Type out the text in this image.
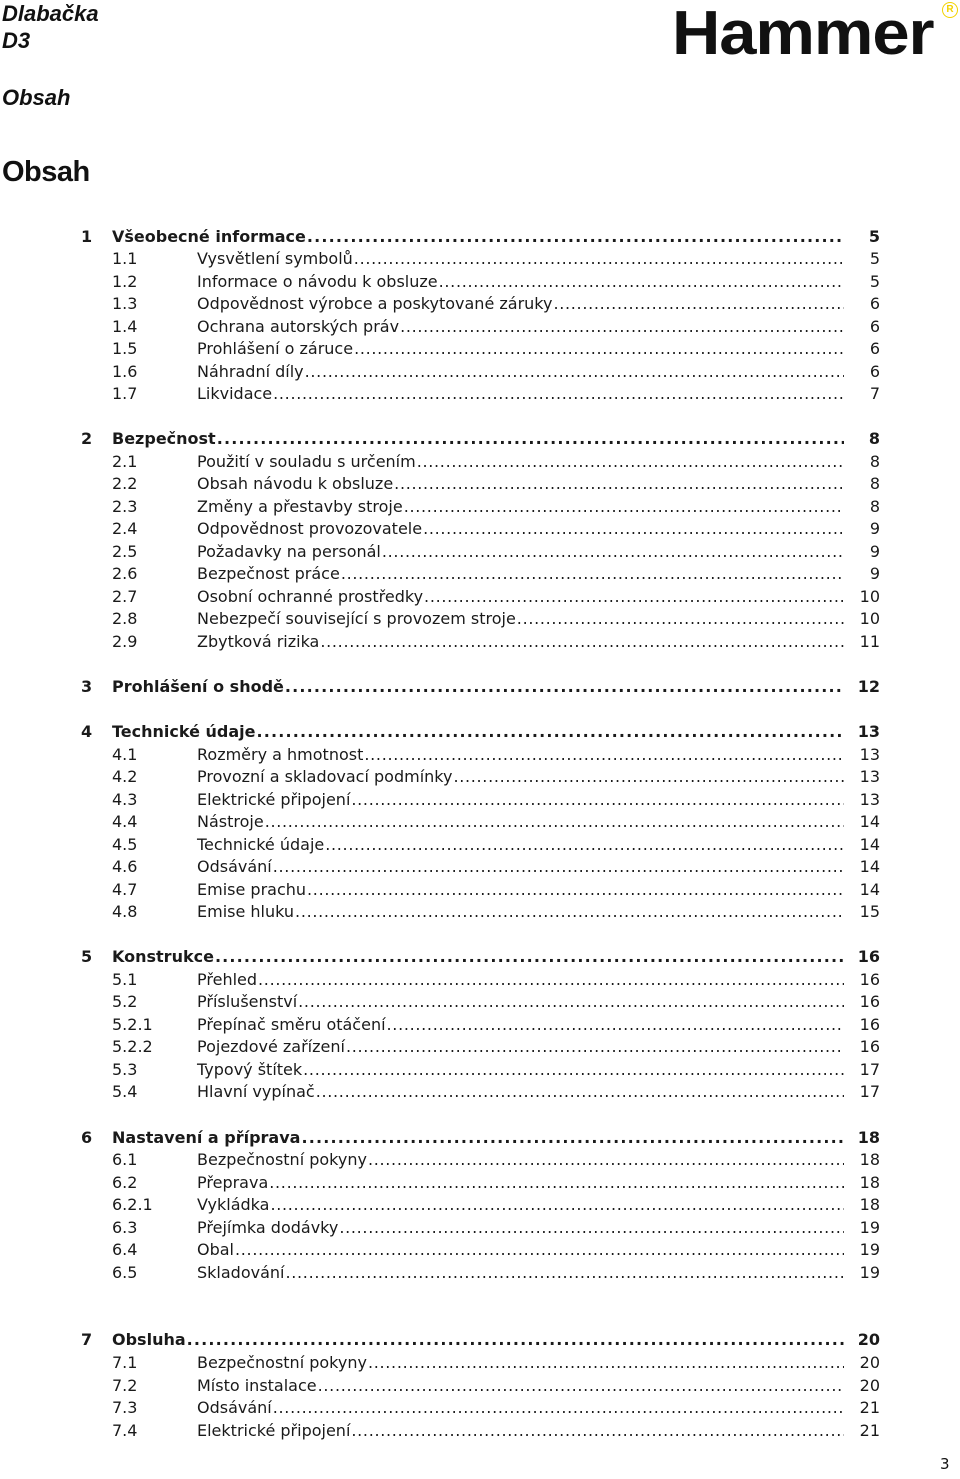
Dlabačka
D3
Obsah
Hammer	R
Obsah
1 Všeobecné informace . . .	5
1.1	Vysvětlení symbolů . . .	5
1.2	Informace o návodu k obsluze . . .	5
1.3	Odpovědnost výrobce a poskytované záruky . . .	6
1.4	Ochrana autorských práv . . .	6
1.5	Prohlášení o záruce . . .	6
1.6	Náhradní díly . . .	6
1.7	Likvidace . . .	7
2 Bezpečnost . . .	8
2.1	Použití v souladu s určením . . .	8
2.2	Obsah návodu k obsluze . . .	8
2.3	Změny a přestavby stroje . . .	8
2.4	Odpovědnost provozovatele . . .	9
2.5	Požadavky na personál . . .	9
2.6	Bezpečnost práce . . .	9
2.7	Osobní ochranné prostředky . . .	10
2.8	Nebezpečí související s provozem stroje . . .	10
2.9	Zbytková rizika . . .	11
3 Prohlášení o shodě . . .	12
4 Technické údaje . . .	13
4.1	Rozměry a hmotnost . . .	13
4.2	Provozní a skladovací podmínky . . .	13
4.3	Elektrické připojení . . .	13
4.4	Nástroje . . .	14
4.5	Technické údaje . . .	14
4.6	Odsávání . . .	14
4.7	Emise prachu . . .	14
4.8	Emise hluku . . .	15
5 Konstrukce . . .	16
5.1	Přehled . . .	16
5.2	Příslušenství . . .	16
5.2.1	Přepínač směru otáčení . . .	16
5.2.2	Pojezdové zařízení . . .	16
5.3	Typový štítek . . .	17
5.4	Hlavní vypínač . . .	17
6 Nastavení a příprava . . .	18
6.1	Bezpečnostní pokyny . . .	18
6.2	Přeprava . . .	18
6.2.1	Vykládka . . .	18
6.3	Přejímka dodávky . . .	19
6.4	Obal . . .	19
6.5	Skladování . . .	19
7 Obsluha . . .	20
7.1	Bezpečnostní pokyny . . .	20
7.2	Místo instalace . . .	20
7.3	Odsávání . . .	21
7.4	Elektrické připojení . . .	21
3
